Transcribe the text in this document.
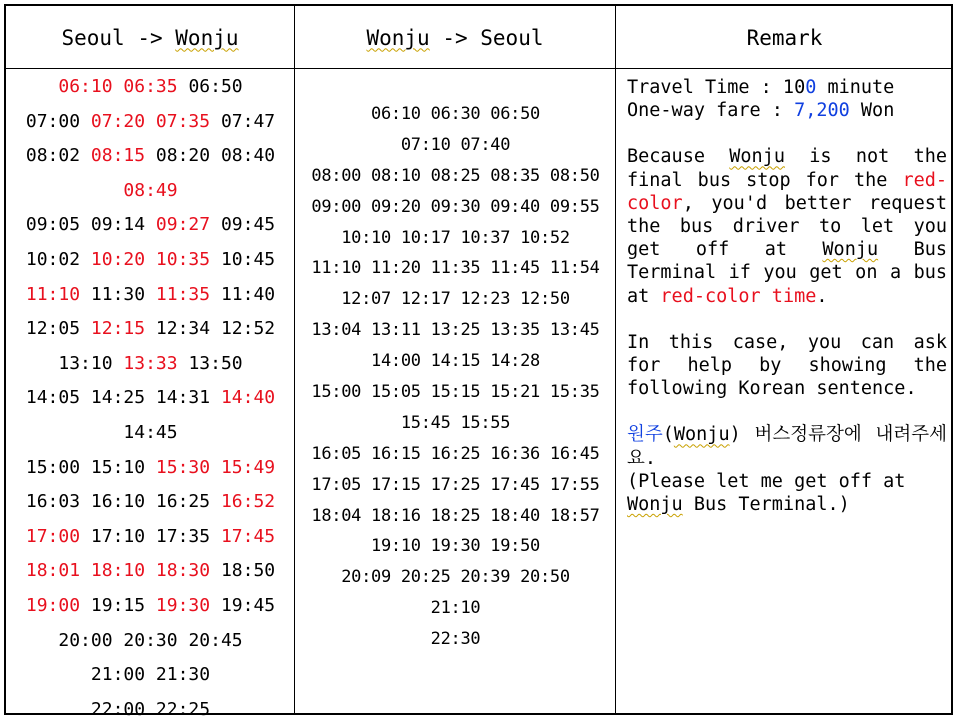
Seoul -> Wonju	Wonju -> Seoul	Remark
06:10 06:35 06:50
07:00 07:20 07:35 07:47
08:02 08:15 08:20 08:40
08:49
09:05 09:14 09:27 09:45
10:02 10:20 10:35 10:45
11:10 11:30 11:35 11:40
12:05 12:15 12:34 12:52
13:10 13:33 13:50
14:05 14:25 14:31 14:40
14:45
15:00 15:10 15:30 15:49
16:03 16:10 16:25 16:52
17:00 17:10 17:35 17:45
18:01 18:10 18:30 18:50
19:00 19:15 19:30 19:45
20:00 20:30 20:45
21:00 21:30
22:00 22:25
06:10 06:30 06:50
07:10 07:40
08:00 08:10 08:25 08:35 08:50
09:00 09:20 09:30 09:40 09:55
10:10 10:17 10:37 10:52
11:10 11:20 11:35 11:45 11:54
12:07 12:17 12:23 12:50
13:04 13:11 13:25 13:35 13:45
14:00 14:15 14:28
15:00 15:05 15:15 15:21 15:35
15:45 15:55
16:05 16:15 16:25 16:36 16:45
17:05 17:15 17:25 17:45 17:55
18:04 18:16 18:25 18:40 18:57
19:10 19:30 19:50
20:09 20:25 20:39 20:50
21:10
22:30

Travel Time : 100 minute

One-way fare : 7,200 Won

Because Wonju is not the final bus stop for the red-color, you'd better request the bus driver to let you get off at Wonju Bus Terminal if you get on a bus at red-color time.

In this case, you can ask for help by showing the following Korean sentence.

원주(Wonju) 버스정류장에 내려주세요.

(Please let me get off at
Wonju Bus Terminal.)
